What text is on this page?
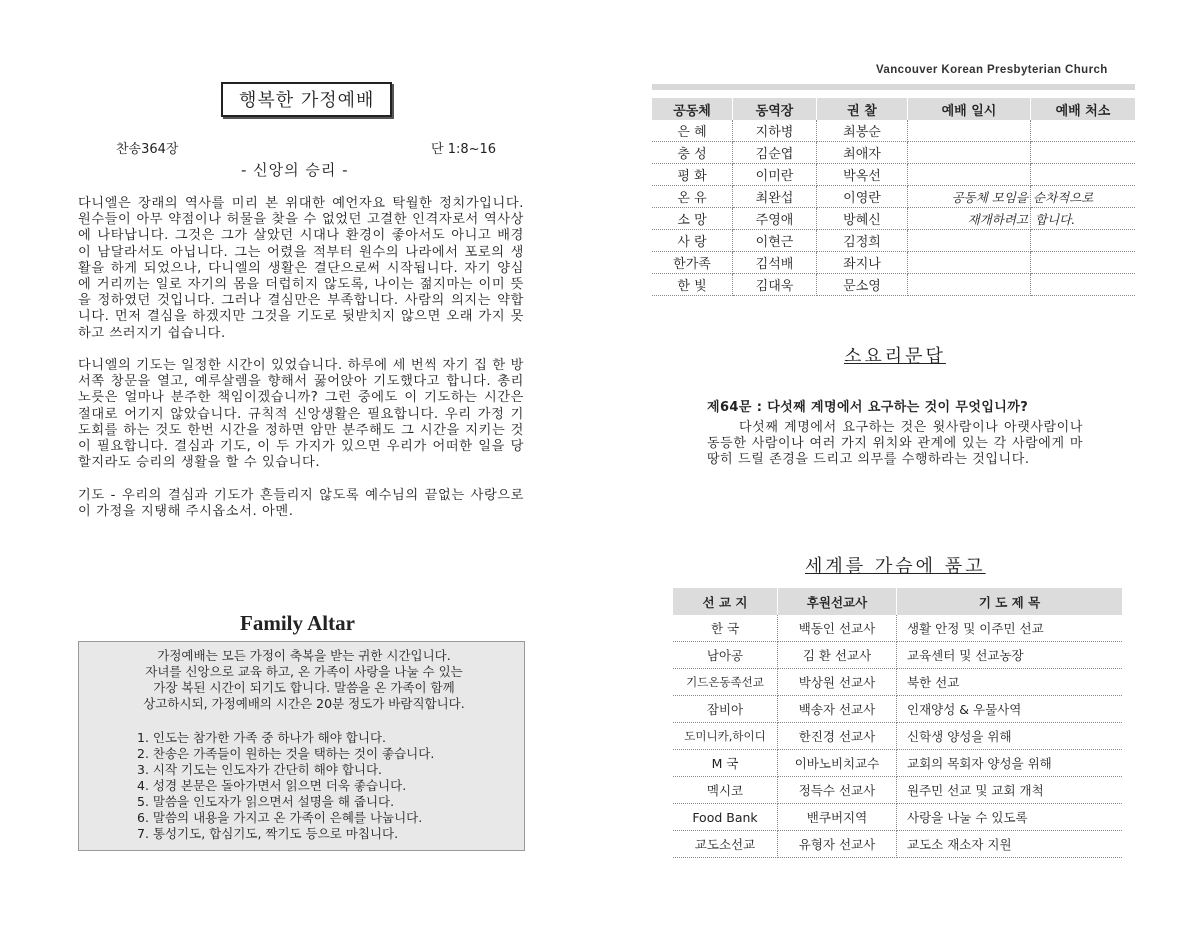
행복한 가정예배
찬송364장	단 1:8~16
- 신앙의 승리 -
다니엘은 장래의 역사를 미리 본 위대한 예언자요 탁월한 정치가입니다. 원수들이 아무 약점이나 허물을 찾을 수 없었던 고결한 인격자로서 역사상에 나타납니다. 그것은 그가 살았던 시대나 환경이 좋아서도 아니고 배경이 남달라서도 아닙니다. 그는 어렸을 적부터 원수의 나라에서 포로의 생활을 하게 되었으나, 다니엘의 생활은 결단으로써 시작됩니다. 자기 양심에 거리끼는 일로 자기의 몸을 더럽히지 않도록, 나이는 젊지마는 이미 뜻을 정하였던 것입니다. 그러나 결심만은 부족합니다. 사람의 의지는 약합니다. 먼저 결심을 하겠지만 그것을 기도로 뒷받치지 않으면 오래 가지 못하고 쓰러지기 쉽습니다.

다니엘의 기도는 일정한 시간이 있었습니다. 하루에 세 번씩 자기 집 한 방 서쪽 창문을 열고, 예루살렘을 향해서 꿇어앉아 기도했다고 합니다. 총리 노릇은 얼마나 분주한 책임이겠습니까? 그런 중에도 이 기도하는 시간은 절대로 어기지 않았습니다. 규칙적 신앙생활은 필요합니다. 우리 가정 기도회를 하는 것도 한번 시간을 정하면 암만 분주해도 그 시간을 지키는 것이 필요합니다. 결심과 기도, 이 두 가지가 있으면 우리가 어떠한 일을 당할지라도 승리의 생활을 할 수 있습니다.

기도 - 우리의 결심과 기도가 흔들리지 않도록 예수님의 끝없는 사랑으로 이 가정을 지탱해 주시옵소서. 아멘.
Family Altar
가정예배는 모든 가정이 축복을 받는 귀한 시간입니다.
자녀를 신앙으로 교육 하고, 온 가족이 사랑을 나눌 수 있는
가장 복된 시간이 되기도 합니다. 말씀을 온 가족이 함께
상고하시되, 가정예배의 시간은 20분 정도가 바람직합니다.
1. 인도는 참가한 가족 중 하나가 해야 합니다.
2. 찬송은 가족들이 원하는 것을 택하는 것이 좋습니다.
3. 시작 기도는 인도자가 간단히 해야 합니다.
4. 성경 본문은 돌아가면서 읽으면 더욱 좋습니다.
5. 말씀을 인도자가 읽으면서 설명을 해 줍니다.
6. 말씀의 내용을 가지고 온 가족이 은혜를 나눕니다.
7. 통성기도, 합심기도, 짝기도 등으로 마칩니다.
Vancouver Korean Presbyterian Church
공동체	동역장	권 찰	예배 일시	예배 처소
은 혜	지하병	최봉순		
충 성	김순엽	최애자		
평 화	이미란	박옥선		
온 유	최완섭	이영란	공동체 모임을	순차적으로
소 망	주영애	방혜신	재개하려고	합니다.
사 랑	이현근	김정희		
한가족	김석배	좌지나		
한 빛	김대욱	문소영		
소요리문답
제64문 : 다섯째 계명에서 요구하는 것이 무엇입니까?
다섯째 계명에서 요구하는 것은 윗사람이나 아랫사람이나 동등한 사람이나 여러 가지 위치와 관계에 있는 각 사람에게 마땅히 드릴 존경을 드리고 의무를 수행하라는 것입니다.
세계를 가슴에 품고
선 교 지	후원선교사	기 도 제 목
한 국	백동인 선교사	생활 안정 및 이주민 선교
남아공	김 환 선교사	교육센터 및 선교농장
기드온동족선교	박상원 선교사	북한 선교
잠비아	백송자 선교사	인재양성 & 우물사역
도미니카,하이디	한진경 선교사	신학생 양성을 위해
M 국	이바노비치교수	교회의 목회자 양성을 위해
멕시코	정득수 선교사	원주민 선교 및 교회 개척
Food Bank	밴쿠버지역	사랑을 나눌 수 있도록
교도소선교	유형자 선교사	교도소 재소자 지원
